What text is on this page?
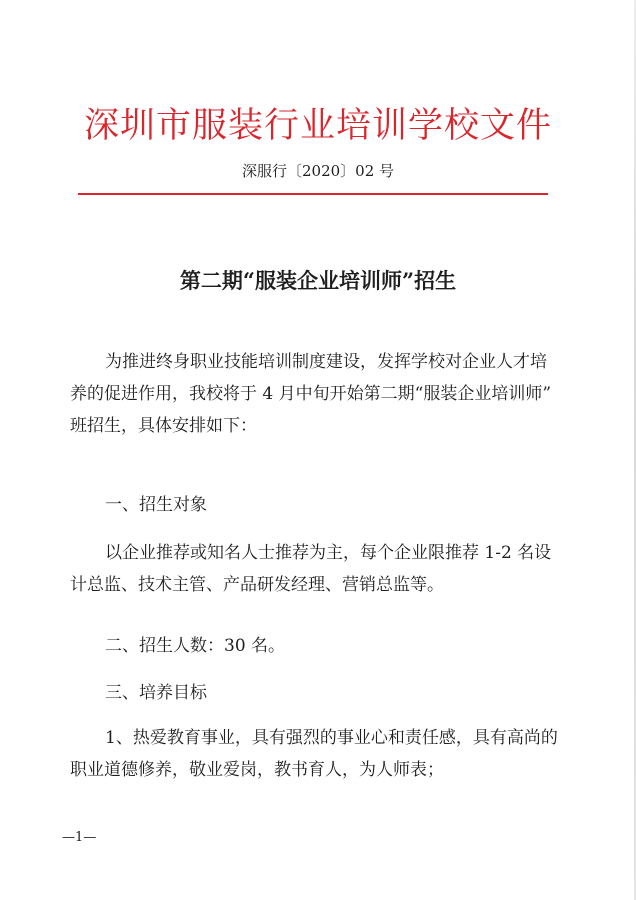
深圳市服装行业培训学校文件
深服行〔2020〕02 号
第二期“服装企业培训师”招生
为推进终身职业技能培训制度建设，发挥学校对企业人才培
养的促进作用，我校将于 4 月中旬开始第二期“服装企业培训师”
班招生，具体安排如下：
一、招生对象
以企业推荐或知名人士推荐为主，每个企业限推荐 1-2 名设
计总监、技术主管、产品研发经理、营销总监等。
二、招生人数：30 名。
三、培养目标
1、热爱教育事业，具有强烈的事业心和责任感，具有高尚的
职业道德修养，敬业爱岗，教书育人，为人师表；
—1—
